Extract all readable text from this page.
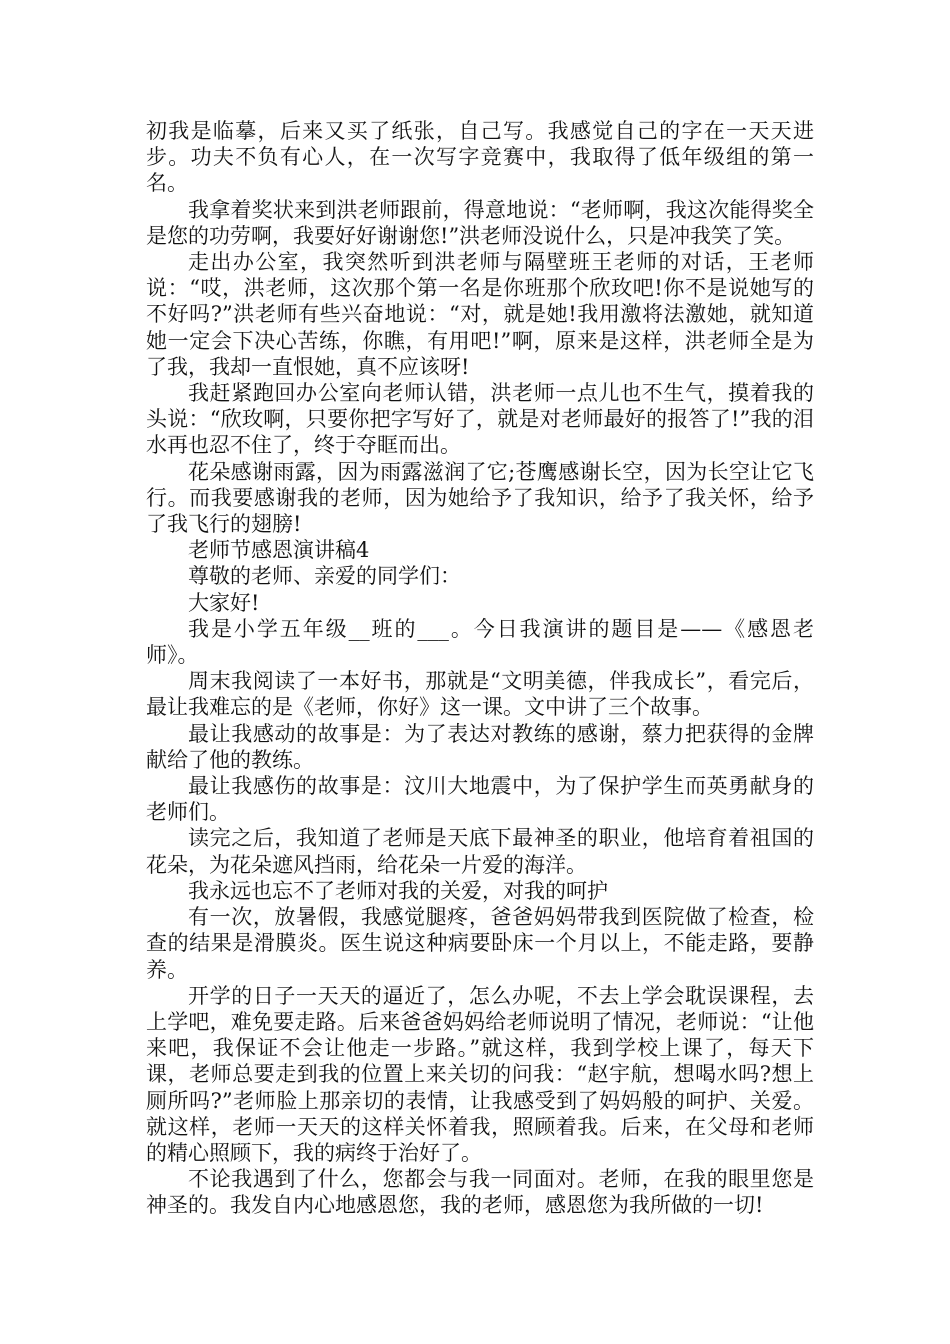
初我是临摹，后来又买了纸张，自己写。我感觉自己的字在一天天进步。功夫不负有心人，在一次写字竞赛中，我取得了低年级组的第一名。

我拿着奖状来到洪老师跟前，得意地说：“老师啊，我这次能得奖全是您的功劳啊，我要好好谢谢您!”洪老师没说什么，只是冲我笑了笑。

走出办公室，我突然听到洪老师与隔壁班王老师的对话，王老师说：“哎，洪老师，这次那个第一名是你班那个欣玫吧!你不是说她写的不好吗?”洪老师有些兴奋地说：“对，就是她!我用激将法激她，就知道她一定会下决心苦练，你瞧，有用吧!”啊，原来是这样，洪老师全是为了我，我却一直恨她，真不应该呀!

我赶紧跑回办公室向老师认错，洪老师一点儿也不生气，摸着我的头说：“欣玫啊，只要你把字写好了，就是对老师最好的报答了!”我的泪水再也忍不住了，终于夺眶而出。

花朵感谢雨露，因为雨露滋润了它;苍鹰感谢长空，因为长空让它飞行。而我要感谢我的老师，因为她给予了我知识，给予了我关怀，给予了我飞行的翅膀!

老师节感恩演讲稿4

尊敬的老师、亲爱的同学们：

大家好!

我是小学五年级__班的___。今日我演讲的题目是——《感恩老师》。

周末我阅读了一本好书，那就是“文明美德，伴我成长”，看完后，最让我难忘的是《老师，你好》这一课。文中讲了三个故事。

最让我感动的故事是：为了表达对教练的感谢，蔡力把获得的金牌献给了他的教练。

最让我感伤的故事是：汶川大地震中，为了保护学生而英勇献身的老师们。

读完之后，我知道了老师是天底下最神圣的职业，他培育着祖国的花朵，为花朵遮风挡雨，给花朵一片爱的海洋。

我永远也忘不了老师对我的关爱，对我的呵护

有一次，放暑假，我感觉腿疼，爸爸妈妈带我到医院做了检查，检查的结果是滑膜炎。医生说这种病要卧床一个月以上，不能走路，要静养。

开学的日子一天天的逼近了，怎么办呢，不去上学会耽误课程，去上学吧，难免要走路。后来爸爸妈妈给老师说明了情况，老师说：“让他来吧，我保证不会让他走一步路。”就这样，我到学校上课了，每天下课，老师总要走到我的位置上来关切的问我：“赵宇航，想喝水吗?想上厕所吗?”老师脸上那亲切的表情，让我感受到了妈妈般的呵护、关爱。就这样，老师一天天的这样关怀着我，照顾着我。后来，在父母和老师的精心照顾下，我的病终于治好了。

不论我遇到了什么，您都会与我一同面对。老师，在我的眼里您是神圣的。我发自内心地感恩您，我的老师，感恩您为我所做的一切!
